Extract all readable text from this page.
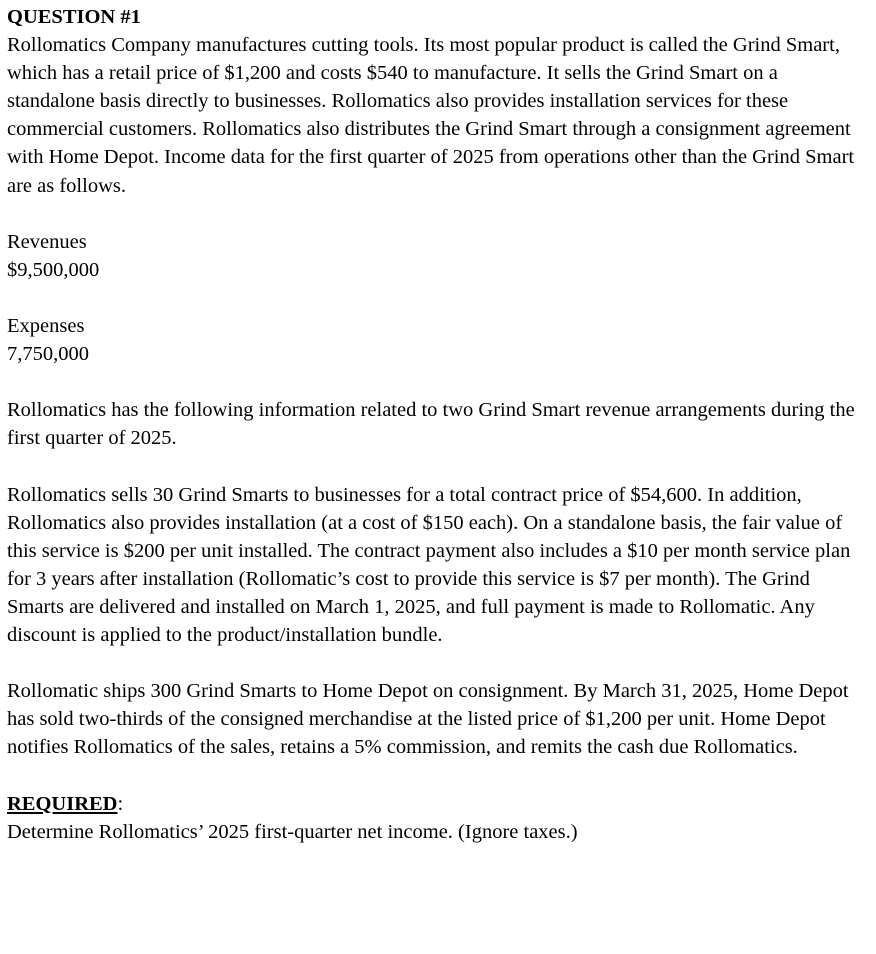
QUESTION #1

Rollomatics Company manufactures cutting tools. Its most popular product is called the Grind Smart, which has a retail price of $1,200 and costs $540 to manufacture. It sells the Grind Smart on a standalone basis directly to businesses. Rollomatics also provides installation services for these commercial customers. Rollomatics also distributes the Grind Smart through a consignment agreement with Home Depot. Income data for the first quarter of 2025 from operations other than the Grind Smart are as follows.

Revenues

$9,500,000

Expenses

7,750,000

Rollomatics has the following information related to two Grind Smart revenue arrangements during the first quarter of 2025.

Rollomatics sells 30 Grind Smarts to businesses for a total contract price of $54,600. In addition, Rollomatics also provides installation (at a cost of $150 each). On a standalone basis, the fair value of this service is $200 per unit installed. The contract payment also includes a $10 per month service plan for 3 years after installation (Rollomatic’s cost to provide this service is $7 per month). The Grind Smarts are delivered and installed on March 1, 2025, and full payment is made to Rollomatic. Any discount is applied to the product/installation bundle.

Rollomatic ships 300 Grind Smarts to Home Depot on consignment. By March 31, 2025, Home Depot has sold two-thirds of the consigned merchandise at the listed price of $1,200 per unit. Home Depot notifies Rollomatics of the sales, retains a 5% commission, and remits the cash due Rollomatics.

REQUIRED:

Determine Rollomatics’ 2025 first-quarter net income. (Ignore taxes.)
